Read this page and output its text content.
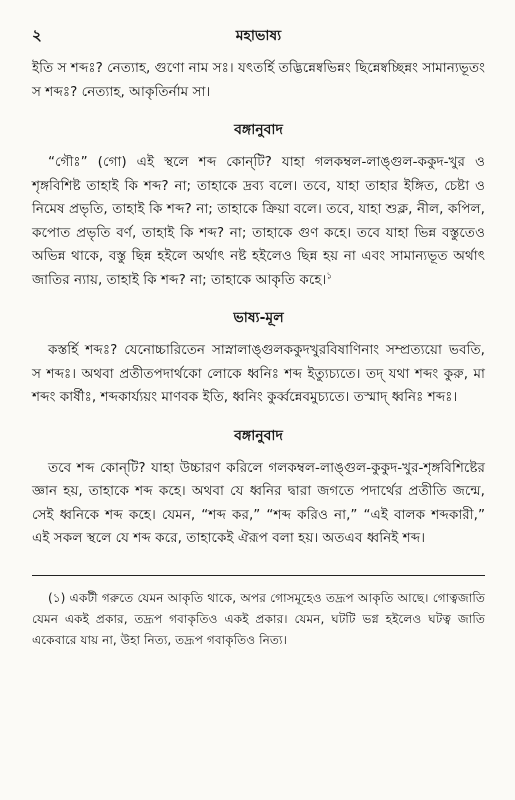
২	মহাভাষ্য

ইতি স শব্দঃ? নেত্যাহ, গুণো নাম সঃ। যৎতর্হি তদ্ভিন্নেষ্বভিন্নং ছিন্নেষ্বচ্ছিন্নং সামান্যভূতং স শব্দঃ? নেত্যাহ, আকৃতির্নাম সা।

বঙ্গানুবাদ

“গৌঃ” (গো) এই স্থলে শব্দ কোন্‌টি? যাহা গলকম্বল-লাঙ্গুল-ককুদ-খুর ও শৃঙ্গবিশিষ্ট তাহাই কি শব্দ? না; তাহাকে দ্রব্য বলে। তবে, যাহা তাহার ইঙ্গিত, চেষ্টা ও নিমেষ প্রভৃতি, তাহাই কি শব্দ? না; তাহাকে ক্রিয়া বলে। তবে, যাহা শুক্ল, নীল, কপিল, কপোত প্রভৃতি বর্ণ, তাহাই কি শব্দ? না; তাহাকে গুণ কহে। তবে যাহা ভিন্ন বস্তুতেও অভিন্ন থাকে, বস্তু ছিন্ন হইলে অর্থাৎ নষ্ট হইলেও ছিন্ন হয় না এবং সামান্যভূত অর্থাৎ জাতির ন্যায়, তাহাই কি শব্দ? না; তাহাকে আকৃতি কহে।$^১$

ভাষ্য-মূল

কস্তর্হি শব্দঃ? যেনোচ্চারিতেন সাস্নালাঙ্গুলককুদখুরবিষাণিনাং সম্প্রত্যয়ো ভবতি, স শব্দঃ। অথবা প্রতীতপদার্থকো লোকে ধ্বনিঃ শব্দ ইত্যুচ্যতে। তদ্‌ যথা শব্দং কুরু, মা শব্দং কার্ষীঃ, শব্দকার্য্যয়ং মাণবক ইতি, ধ্বনিং কুর্ব্বন্নেবমুচ্যতে। তস্মাদ্‌ ধ্বনিঃ শব্দঃ।

বঙ্গানুবাদ

তবে শব্দ কোন্‌টি? যাহা উচ্চারণ করিলে গলকম্বল-লাঙ্গুল-কুকুদ-খুর-শৃঙ্গবিশিষ্টের জ্ঞান হয়, তাহাকে শব্দ কহে। অথবা যে ধ্বনির দ্বারা জগতে পদার্থের প্রতীতি জন্মে, সেই ধ্বনিকে শব্দ কহে। যেমন, “শব্দ কর,” “শব্দ করিও না,” “এই বালক শব্দকারী,” এই সকল স্থলে যে শব্দ করে, তাহাকেই ঐরূপ বলা হয়। অতএব ধ্বনিই শব্দ।

(১) একটী গরুতে যেমন আকৃতি থাকে, অপর গোসমূহেও তদ্রূপ আকৃতি আছে। গোত্বজাতি যেমন একই প্রকার, তদ্রূপ গবাকৃতিও একই প্রকার। যেমন, ঘটটি ভগ্ন হইলেও ঘটত্ব জাতি একেবারে যায় না, উহা নিত্য, তদ্রূপ গবাকৃতিও নিত্য।
